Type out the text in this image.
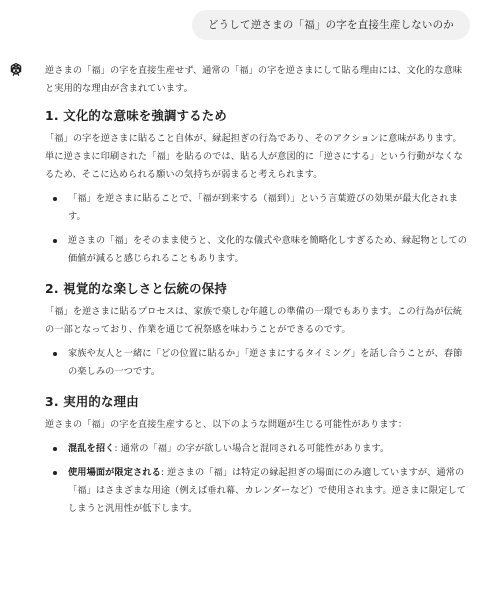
どうして逆さまの「福」の字を直接生産しないのか

逆さまの「福」の字を直接生産せず、通常の「福」の字を逆さまにして貼る理由には、文化的な意味と実用的な理由が含まれています。

1. 文化的な意味を強調するため

「福」の字を逆さまに貼ること自体が、縁起担ぎの行為であり、そのアクションに意味があります。単に逆さまに印刷された「福」を貼るのでは、貼る人が意図的に「逆さにする」という行動がなくなるため、そこに込められる願いの気持ちが弱まると考えられます。

「福」を逆さまに貼ることで、「福が到来する（福到）」という言葉遊びの効果が最大化されます。
逆さまの「福」をそのまま使うと、文化的な儀式や意味を簡略化しすぎるため、縁起物としての価値が減ると感じられることもあります。

2. 視覚的な楽しさと伝統の保持

「福」を逆さまに貼るプロセスは、家族で楽しむ年越しの準備の一環でもあります。この行為が伝統の一部となっており、作業を通じて祝祭感を味わうことができるのです。

家族や友人と一緒に「どの位置に貼るか」「逆さまにするタイミング」を話し合うことが、春節の楽しみの一つです。

3. 実用的な理由

逆さまの「福」の字を直接生産すると、以下のような問題が生じる可能性があります：

混乱を招く: 通常の「福」の字が欲しい場合と混同される可能性があります。
使用場面が限定される: 逆さまの「福」は特定の縁起担ぎの場面にのみ適していますが、通常の「福」はさまざまな用途（例えば垂れ幕、カレンダーなど）で使用されます。逆さまに限定してしまうと汎用性が低下します。
